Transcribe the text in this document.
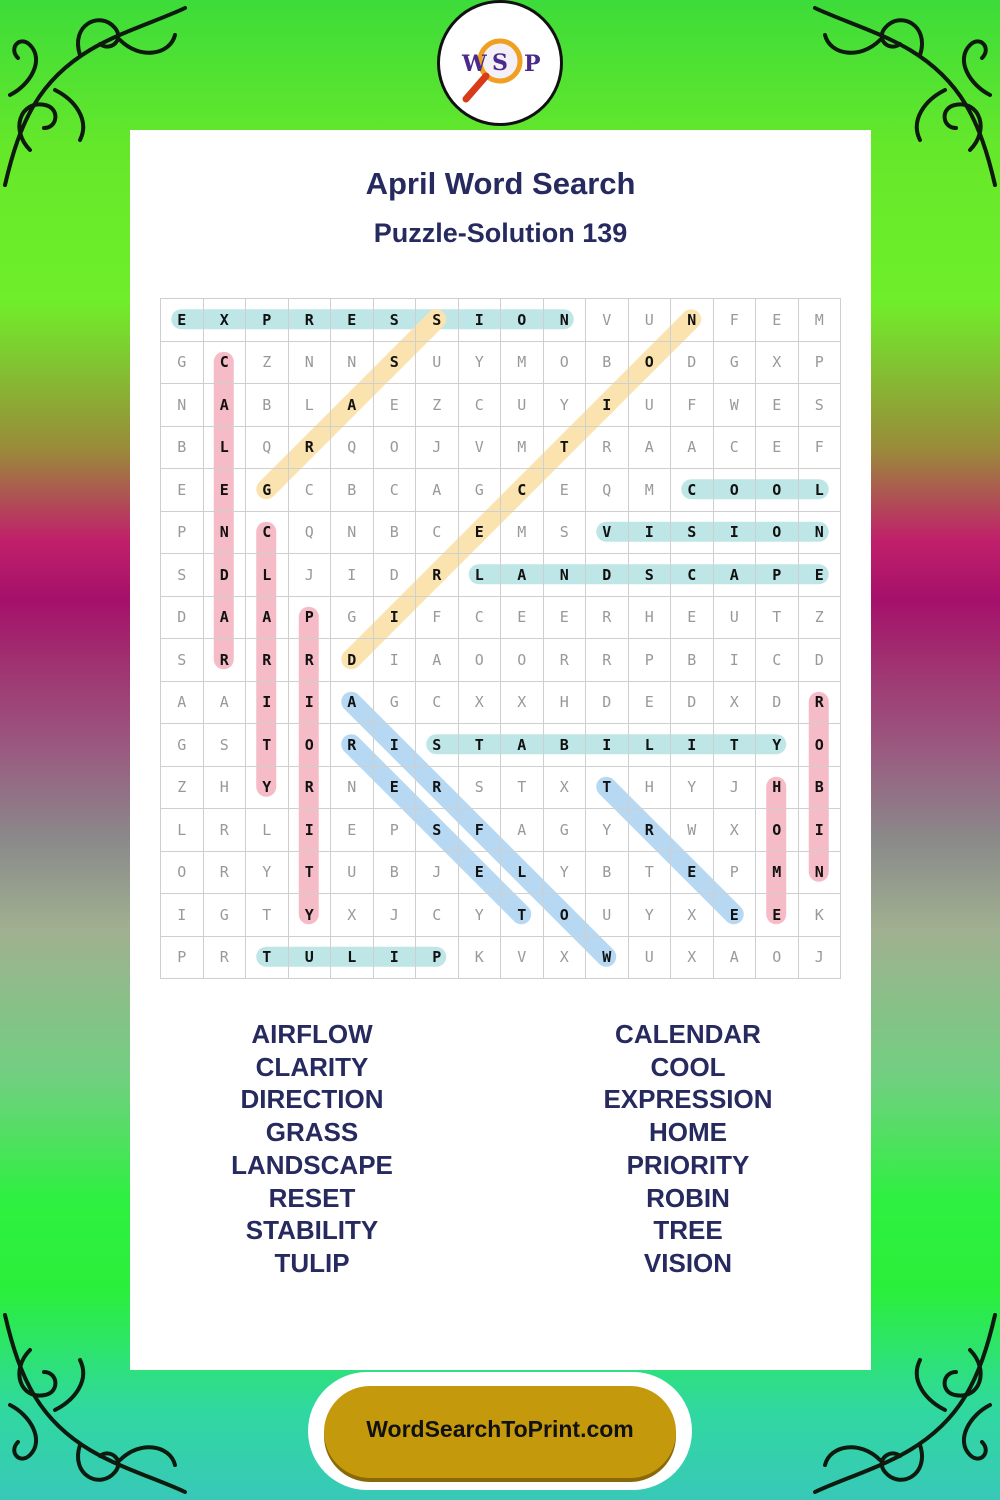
W S P
April Word Search
Puzzle-Solution 139
E	X	P	R	E	S	S	I	O	N	V	U	N	F	E	M
G	C	Z	N	N	S	U	Y	M	O	B	O	D	G	X	P
N	A	B	L	A	E	Z	C	U	Y	I	U	F	W	E	S
B	L	Q	R	Q	O	J	V	M	T	R	A	A	C	E	F
E	E	G	C	B	C	A	G	C	E	Q	M	C	O	O	L
P	N	C	Q	N	B	C	E	M	S	V	I	S	I	O	N
S	D	L	J	I	D	R	L	A	N	D	S	C	A	P	E
D	A	A	P	G	I	F	C	E	E	R	H	E	U	T	Z
S	R	R	R	D	I	A	O	O	R	R	P	B	I	C	D
A	A	I	I	A	G	C	X	X	H	D	E	D	X	D	R
G	S	T	O	R	I	S	T	A	B	I	L	I	T	Y	O
Z	H	Y	R	N	E	R	S	T	X	T	H	Y	J	H	B
L	R	L	I	E	P	S	F	A	G	Y	R	W	X	O	I
O	R	Y	T	U	B	J	E	L	Y	B	T	E	P	M	N
I	G	T	Y	X	J	C	Y	T	O	U	Y	X	E	E	K
P	R	T	U	L	I	P	K	V	X	W	U	X	A	O	J
AIRFLOW
CLARITY
DIRECTION
GRASS
LANDSCAPE
RESET
STABILITY
TULIP
CALENDAR
COOL
EXPRESSION
HOME
PRIORITY
ROBIN
TREE
VISION
WordSearchToPrint.com
